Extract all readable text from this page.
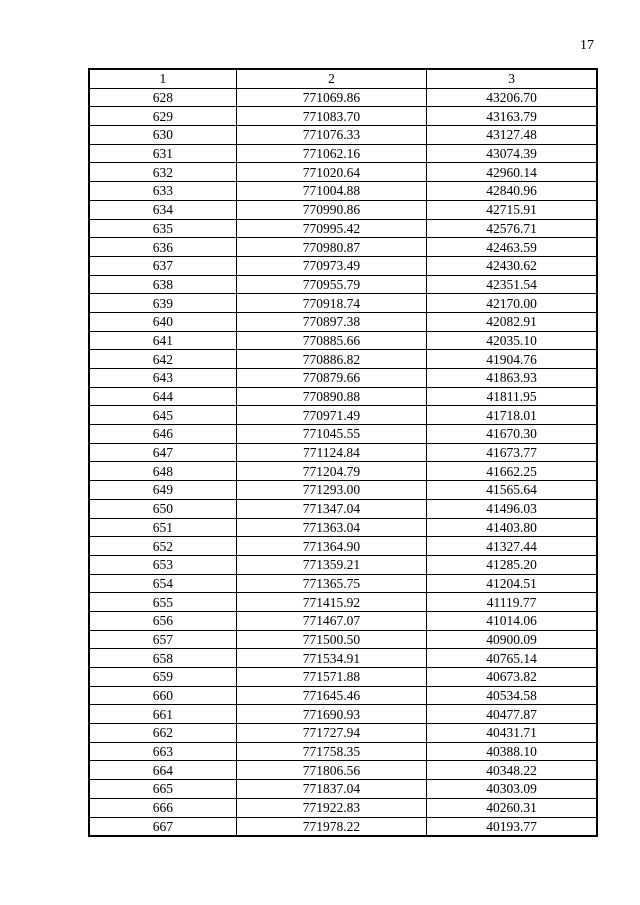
17
1	2	3
628	771069.86	43206.70
629	771083.70	43163.79
630	771076.33	43127.48
631	771062.16	43074.39
632	771020.64	42960.14
633	771004.88	42840.96
634	770990.86	42715.91
635	770995.42	42576.71
636	770980.87	42463.59
637	770973.49	42430.62
638	770955.79	42351.54
639	770918.74	42170.00
640	770897.38	42082.91
641	770885.66	42035.10
642	770886.82	41904.76
643	770879.66	41863.93
644	770890.88	41811.95
645	770971.49	41718.01
646	771045.55	41670.30
647	771124.84	41673.77
648	771204.79	41662.25
649	771293.00	41565.64
650	771347.04	41496.03
651	771363.04	41403.80
652	771364.90	41327.44
653	771359.21	41285.20
654	771365.75	41204.51
655	771415.92	41119.77
656	771467.07	41014.06
657	771500.50	40900.09
658	771534.91	40765.14
659	771571.88	40673.82
660	771645.46	40534.58
661	771690.93	40477.87
662	771727.94	40431.71
663	771758.35	40388.10
664	771806.56	40348.22
665	771837.04	40303.09
666	771922.83	40260.31
667	771978.22	40193.77
